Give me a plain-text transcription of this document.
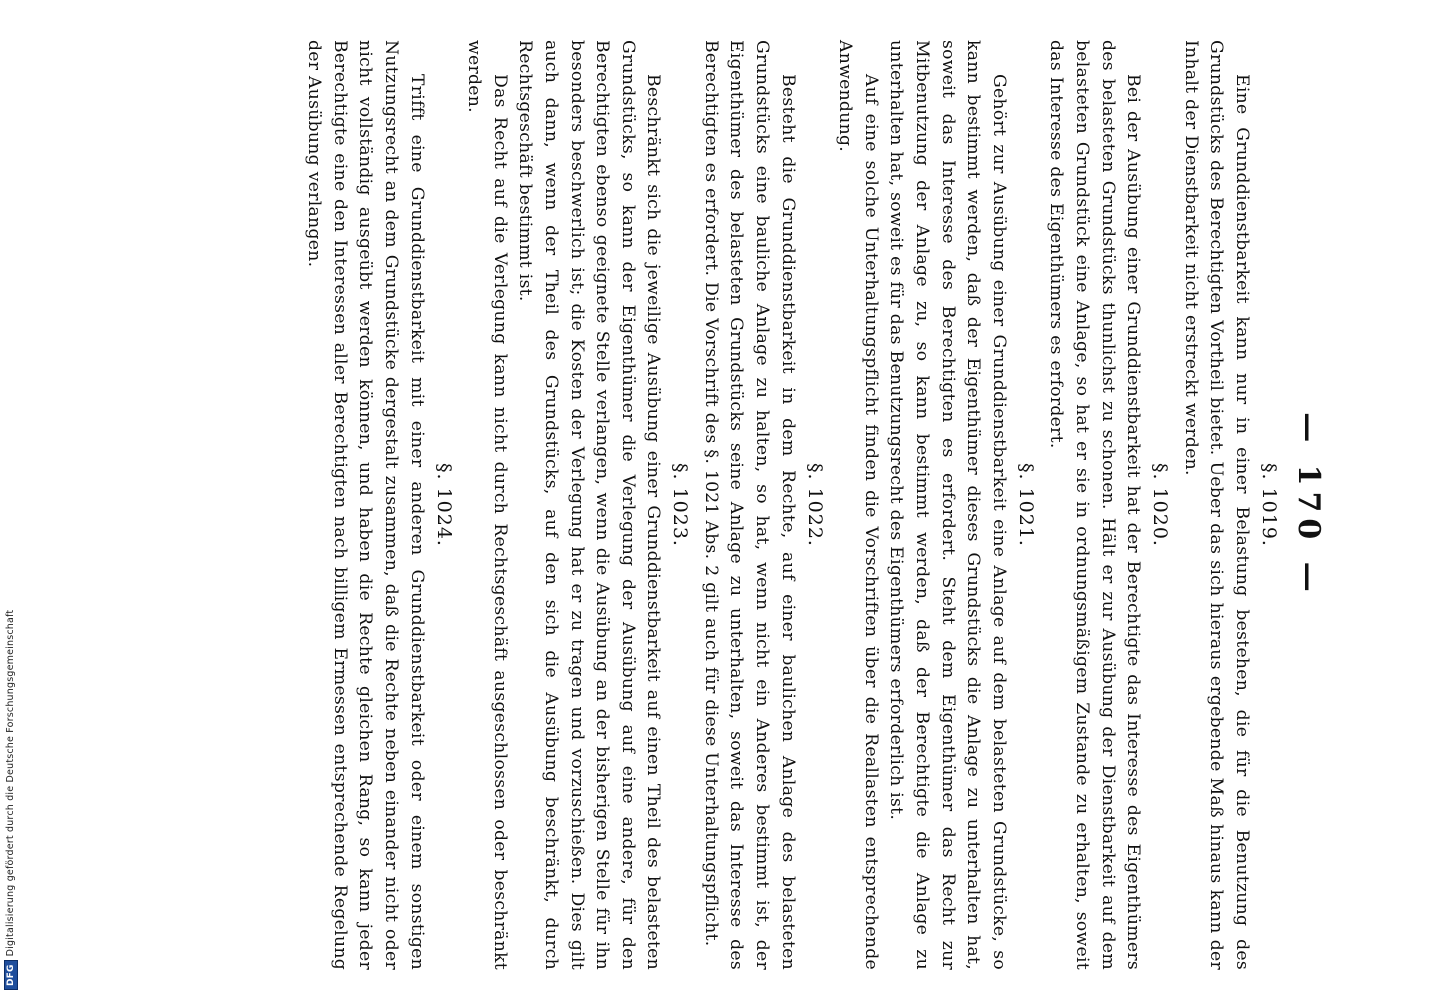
— 170 —
§. 1019.

Eine Grunddienstbarkeit kann nur in einer Belastung bestehen, die für die Benutzung des Grundstücks des Berechtigten Vortheil bietet. Ueber das sich hieraus ergebende Maß hinaus kann der Inhalt der Dienstbarkeit nicht erstreckt werden.

§. 1020.

Bei der Ausübung einer Grunddienstbarkeit hat der Berechtigte das Interesse des Eigenthümers des belasteten Grundstücks thunlichst zu schonen. Hält er zur Ausübung der Dienstbarkeit auf dem belasteten Grundstück eine Anlage, so hat er sie in ordnungsmäßigem Zustande zu erhalten, soweit das Interesse des Eigenthümers es erfordert.

§. 1021.

Gehört zur Ausübung einer Grunddienstbarkeit eine Anlage auf dem belasteten Grundstücke, so kann bestimmt werden, daß der Eigenthümer dieses Grundstücks die Anlage zu unterhalten hat, soweit das Interesse des Berechtigten es erfordert. Steht dem Eigenthümer das Recht zur Mitbenutzung der Anlage zu, so kann bestimmt werden, daß der Berechtigte die Anlage zu unterhalten hat, soweit es für das Benutzungsrecht des Eigenthümers erforderlich ist.

Auf eine solche Unterhaltungspflicht finden die Vorschriften über die Reallasten entsprechende Anwendung.

§. 1022.

Besteht die Grunddienstbarkeit in dem Rechte, auf einer baulichen Anlage des belasteten Grundstücks eine bauliche Anlage zu halten, so hat, wenn nicht ein Anderes bestimmt ist, der Eigenthümer des belasteten Grundstücks seine Anlage zu unterhalten, soweit das Interesse des Berechtigten es erfordert. Die Vorschrift des §. 1021 Abs. 2 gilt auch für diese Unterhaltungspflicht.

§. 1023.

Beschränkt sich die jeweilige Ausübung einer Grunddienstbarkeit auf einen Theil des belasteten Grundstücks, so kann der Eigenthümer die Verlegung der Ausübung auf eine andere, für den Berechtigten ebenso geeignete Stelle verlangen, wenn die Ausübung an der bisherigen Stelle für ihn besonders beschwerlich ist; die Kosten der Verlegung hat er zu tragen und vorzuschießen. Dies gilt auch dann, wenn der Theil des Grundstücks, auf den sich die Ausübung beschränkt, durch Rechtsgeschäft bestimmt ist.

Das Recht auf die Verlegung kann nicht durch Rechtsgeschäft ausgeschlossen oder beschränkt werden.

§. 1024.

Trifft eine Grunddienstbarkeit mit einer anderen Grunddienstbarkeit oder einem sonstigen Nutzungsrecht an dem Grundstücke dergestalt zusammen, daß die Rechte neben einander nicht oder nicht vollständig ausgeübt werden können, und haben die Rechte gleichen Rang, so kann jeder Berechtigte eine den Interessen aller Berechtigten nach billigem Ermessen entsprechende Regelung der Ausübung verlangen.

DFGDigitalisierung gefördert durch die Deutsche Forschungsgemeinschaft
